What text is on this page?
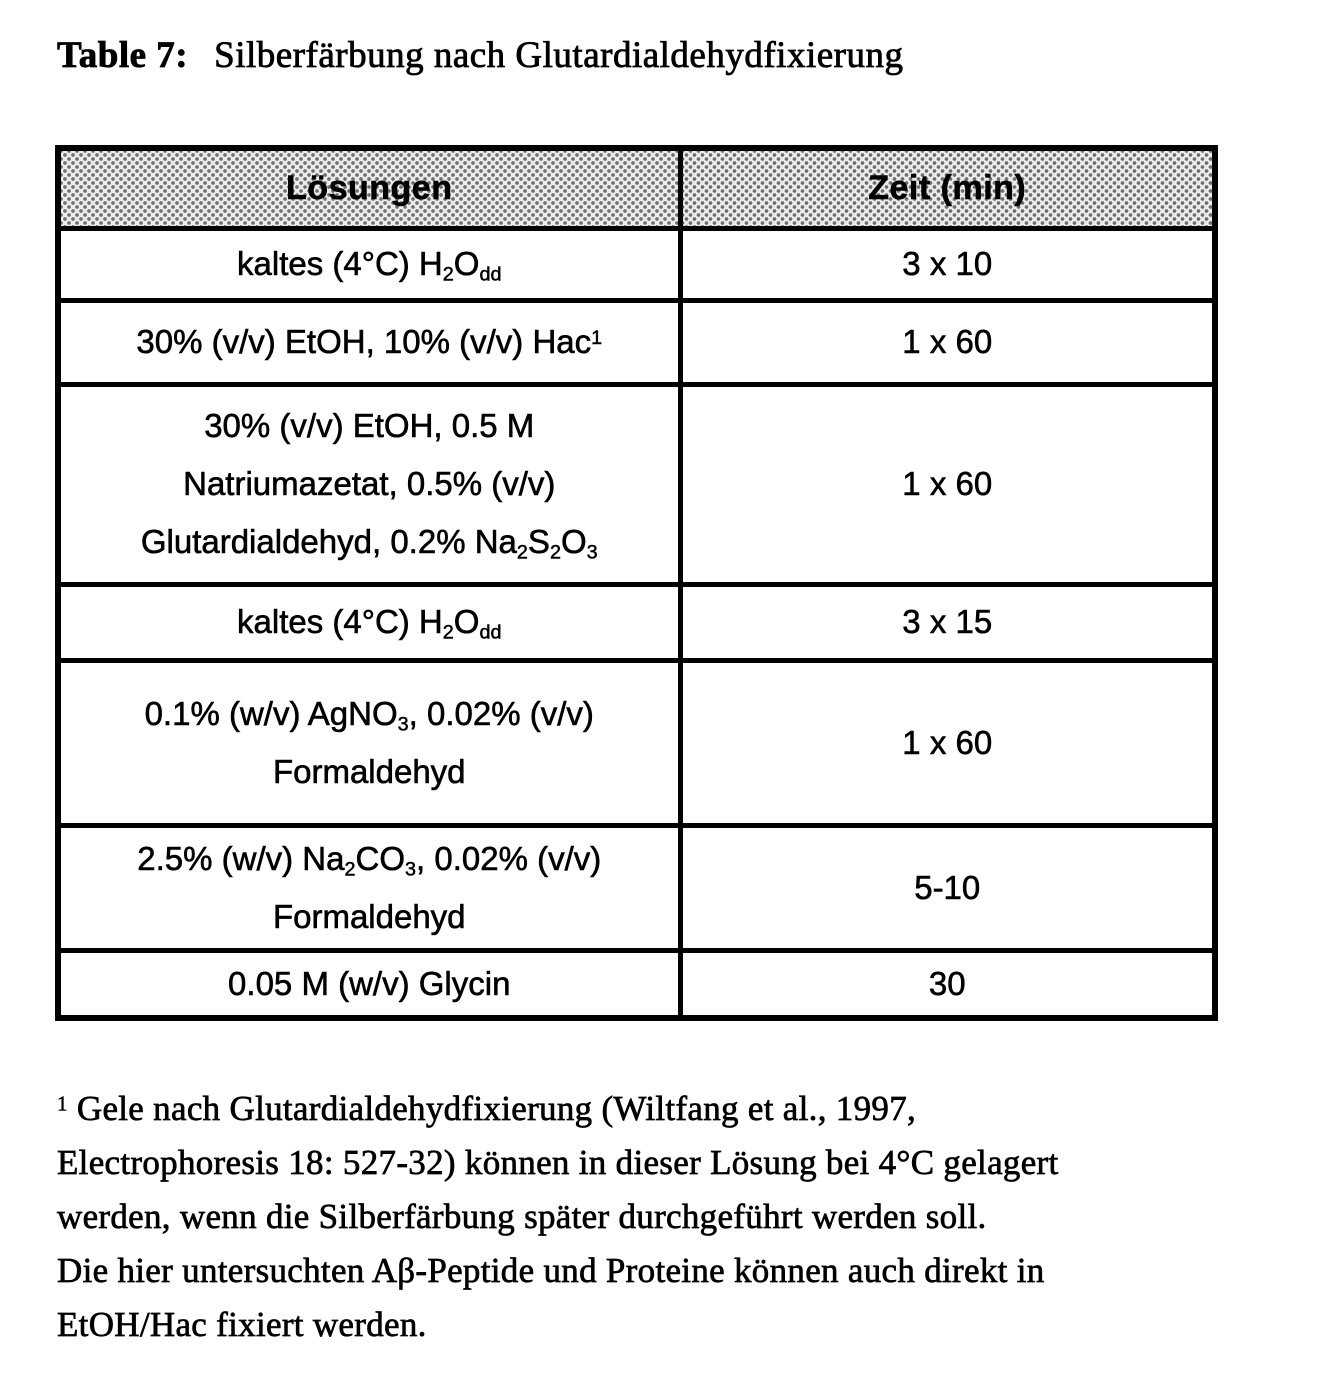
Table 7: Silberfärbung nach Glutardialdehydfixierung
Lösungen	Zeit (min)
kaltes (4°C) $H_2O_{dd}$	3 x 10
30% (v/v) EtOH, 10% (v/v) Hac$^1$	1 x 60
30% (v/v) EtOH, 0.5 M
Natriumazetat, 0.5% (v/v)
Glutardialdehyd, 0.2% $Na_2S_2O_3$	1 x 60
kaltes (4°C) $H_2O_{dd}$	3 x 15
0.1% (w/v) AgNO$_3$, 0.02% (v/v)
Formaldehyd	1 x 60
2.5% (w/v) $Na_2CO_3$, 0.02% (v/v)
Formaldehyd	5-10
0.05 M (w/v) Glycin	30
$^1$ Gele nach Glutardialdehydfixierung (Wiltfang et al., 1997,
Electrophoresis 18: 527-32) können in dieser Lösung bei 4°C gelagert
werden, wenn die Silberfärbung später durchgeführt werden soll.
Die hier untersuchten Aβ-Peptide und Proteine können auch direkt in
EtOH/Hac fixiert werden.
